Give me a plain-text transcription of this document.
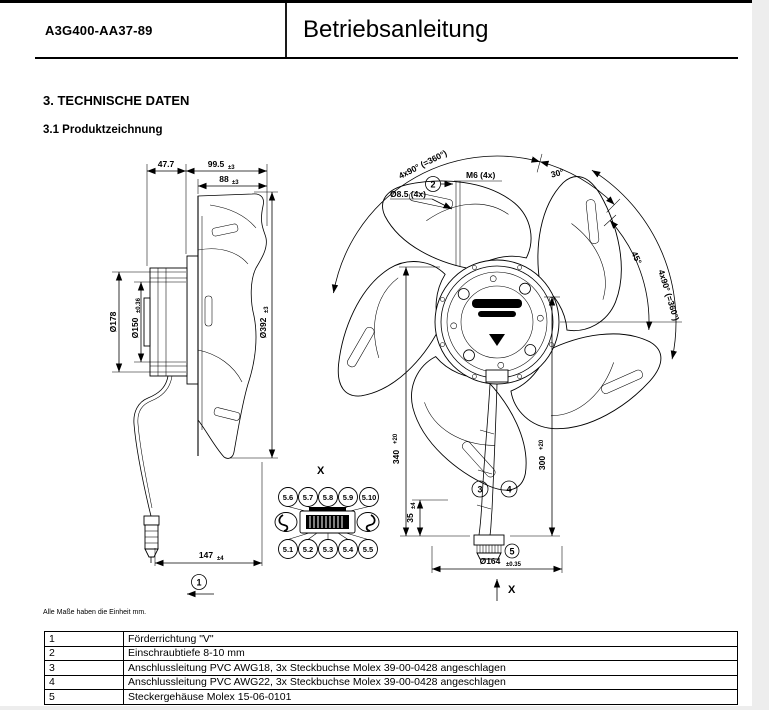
A3G400-AA37-89	Betriebsanleitung
3. TECHNISCHE DATEN
3.1 Produktzeichnung
47.7	99.5 ±3
88 ±3
Ø178 Ø150
±0.36
Ø392
±3
147 ±4
1
4x90° (=360°)	30°
45°
4x90° (=360°)
M6 (4x)
2
Ø8.5 (4x)
340
+20
300
+20
35
±4
3	4
5
Ø164 ±0.35
X
X
5.6 5.7 5.8 5.9 5.10
5.1 5.2 5.3 5.4 5.5
Alle Maße haben die Einheit mm.
1	Förderrichtung "V"
2	Einschraubtiefe 8-10 mm
3	Anschlussleitung PVC AWG18, 3x Steckbuchse Molex 39-00-0428 angeschlagen
4	Anschlussleitung PVC AWG22, 3x Steckbuchse Molex 39-00-0428 angeschlagen
5	Steckergehäuse Molex 15-06-0101
